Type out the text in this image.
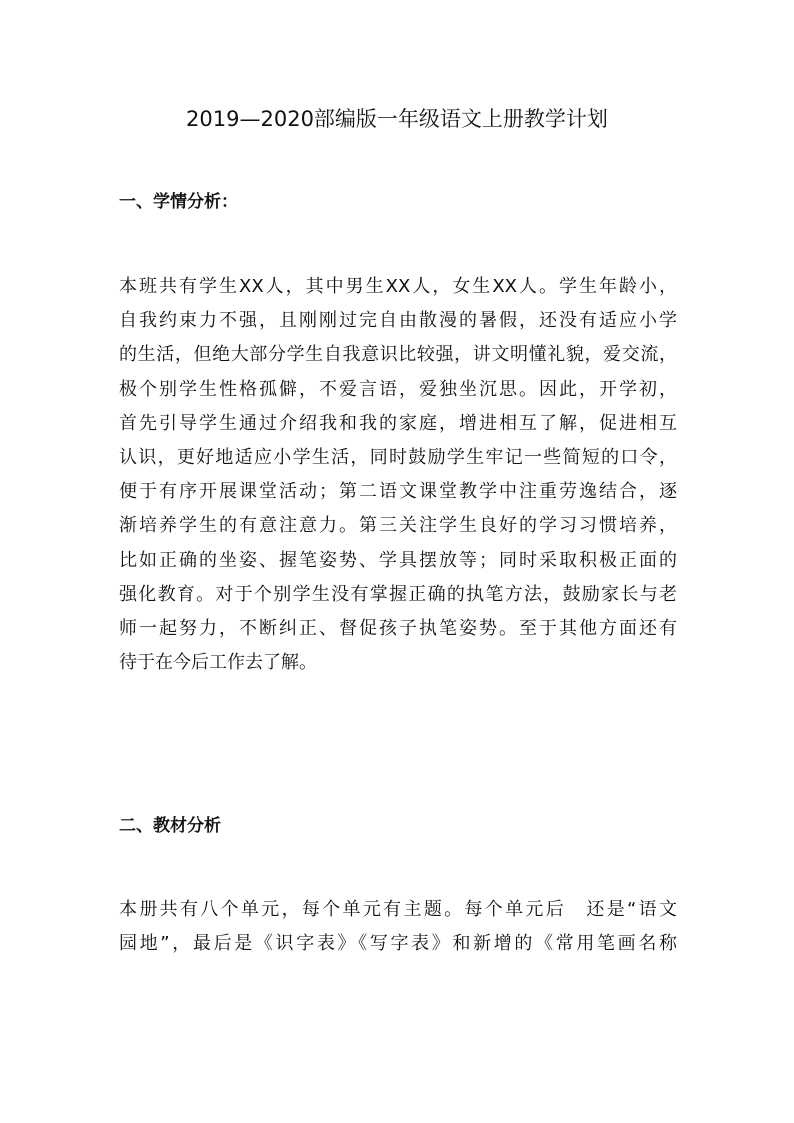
2019—2020部编版一年级语文上册教学计划
一、学情分析：
本班共有学生XX人，其中男生XX人，女生XX人。学生年龄小，
自我约束力不强，且刚刚过完自由散漫的暑假，还没有适应小学
的生活，但绝大部分学生自我意识比较强，讲文明懂礼貌，爱交流，
极个别学生性格孤僻，不爱言语，爱独坐沉思。因此，开学初，
首先引导学生通过介绍我和我的家庭，增进相互了解，促进相互
认识，更好地适应小学生活，同时鼓励学生牢记一些简短的口令，
便于有序开展课堂活动；第二语文课堂教学中注重劳逸结合，逐
渐培养学生的有意注意力。第三关注学生良好的学习习惯培养，
比如正确的坐姿、握笔姿势、学具摆放等；同时采取积极正面的
强化教育。对于个别学生没有掌握正确的执笔方法，鼓励家长与老
师一起努力，不断纠正、督促孩子执笔姿势。至于其他方面还有
待于在今后工作去了解。
二、教材分析
本册共有八个单元，每个单元有主题。每个单元后　还是“语文
园地”，最后是《识字表》《写字表》和新增的《常用笔画名称
